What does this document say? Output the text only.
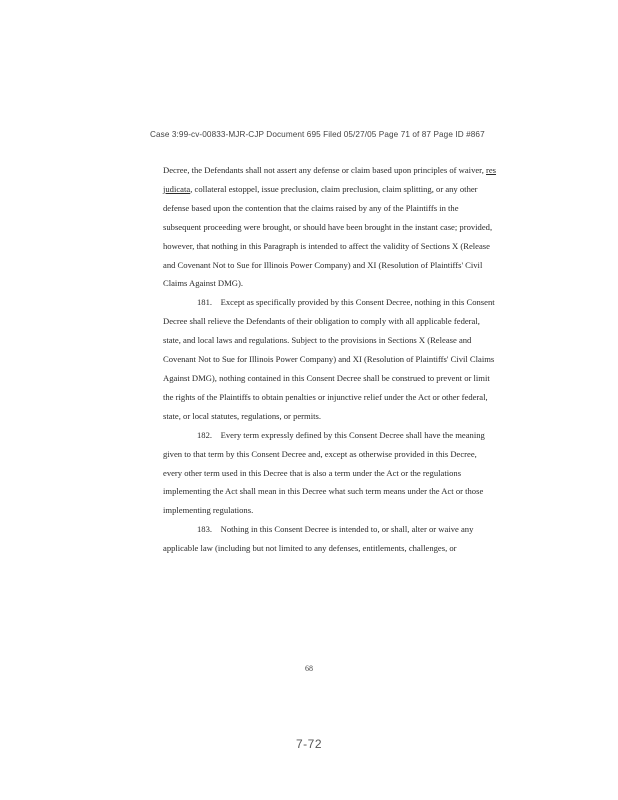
Case 3:99-cv-00833-MJR-CJP Document 695 Filed 05/27/05 Page 71 of 87 Page ID #867

Decree, the Defendants shall not assert any defense or claim based upon principles of waiver, res
judicata, collateral estoppel, issue preclusion, claim preclusion, claim splitting, or any other
defense based upon the contention that the claims raised by any of the Plaintiffs in the
subsequent proceeding were brought, or should have been brought in the instant case; provided,
however, that nothing in this Paragraph is intended to affect the validity of Sections X (Release
and Covenant Not to Sue for Illinois Power Company) and XI (Resolution of Plaintiffs' Civil
Claims Against DMG).

181. Except as specifically provided by this Consent Decree, nothing in this Consent
Decree shall relieve the Defendants of their obligation to comply with all applicable federal,
state, and local laws and regulations. Subject to the provisions in Sections X (Release and
Covenant Not to Sue for Illinois Power Company) and XI (Resolution of Plaintiffs' Civil Claims
Against DMG), nothing contained in this Consent Decree shall be construed to prevent or limit
the rights of the Plaintiffs to obtain penalties or injunctive relief under the Act or other federal,
state, or local statutes, regulations, or permits.

182. Every term expressly defined by this Consent Decree shall have the meaning
given to that term by this Consent Decree and, except as otherwise provided in this Decree,
every other term used in this Decree that is also a term under the Act or the regulations
implementing the Act shall mean in this Decree what such term means under the Act or those
implementing regulations.

183. Nothing in this Consent Decree is intended to, or shall, alter or waive any
applicable law (including but not limited to any defenses, entitlements, challenges, or

68
7-72
